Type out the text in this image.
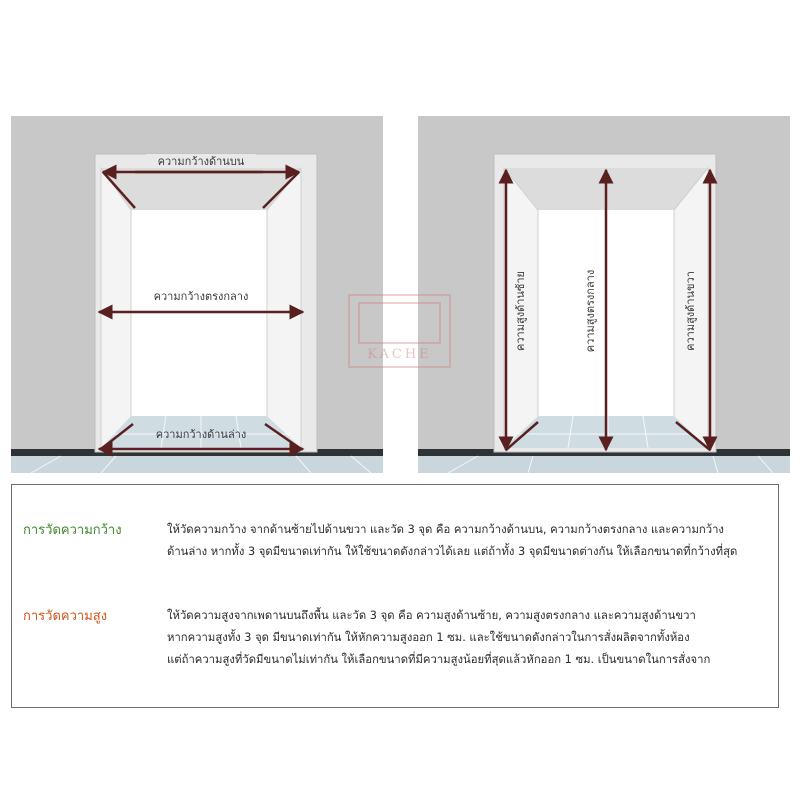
ความกว้างด้านบน
ความกว้างตรงกลาง
ความกว้างด้านล่าง
ความสูงด้านซ้าย	ความสูงตรงกลาง	ความสูงด้านขวา
KACHE
การวัดความกว้าง	ให้วัดความกว้าง จากด้านซ้ายไปด้านขวา และวัด 3 จุด คือ ความกว้างด้านบน, ความกว้างตรงกลาง และความกว้าง
ด้านล่าง หากทั้ง 3 จุดมีขนาดเท่ากัน ให้ใช้ขนาดดังกล่าวได้เลย แต่ถ้าทั้ง 3 จุดมีขนาดต่างกัน ให้เลือกขนาดที่กว้างที่สุด
การวัดความสูง	ให้วัดความสูงจากเพดานบนถึงพื้น และวัด 3 จุด คือ ความสูงด้านซ้าย, ความสูงตรงกลาง และความสูงด้านขวา
หากความสูงทั้ง 3 จุด มีขนาดเท่ากัน ให้หักความสูงออก 1 ซม. และใช้ขนาดดังกล่าวในการสั่งผลิตจากทั้งห้อง
แต่ถ้าความสูงที่วัดมีขนาดไม่เท่ากัน ให้เลือกขนาดที่มีความสูงน้อยที่สุดแล้วหักออก 1 ซม. เป็นขนาดในการสั่งจาก
